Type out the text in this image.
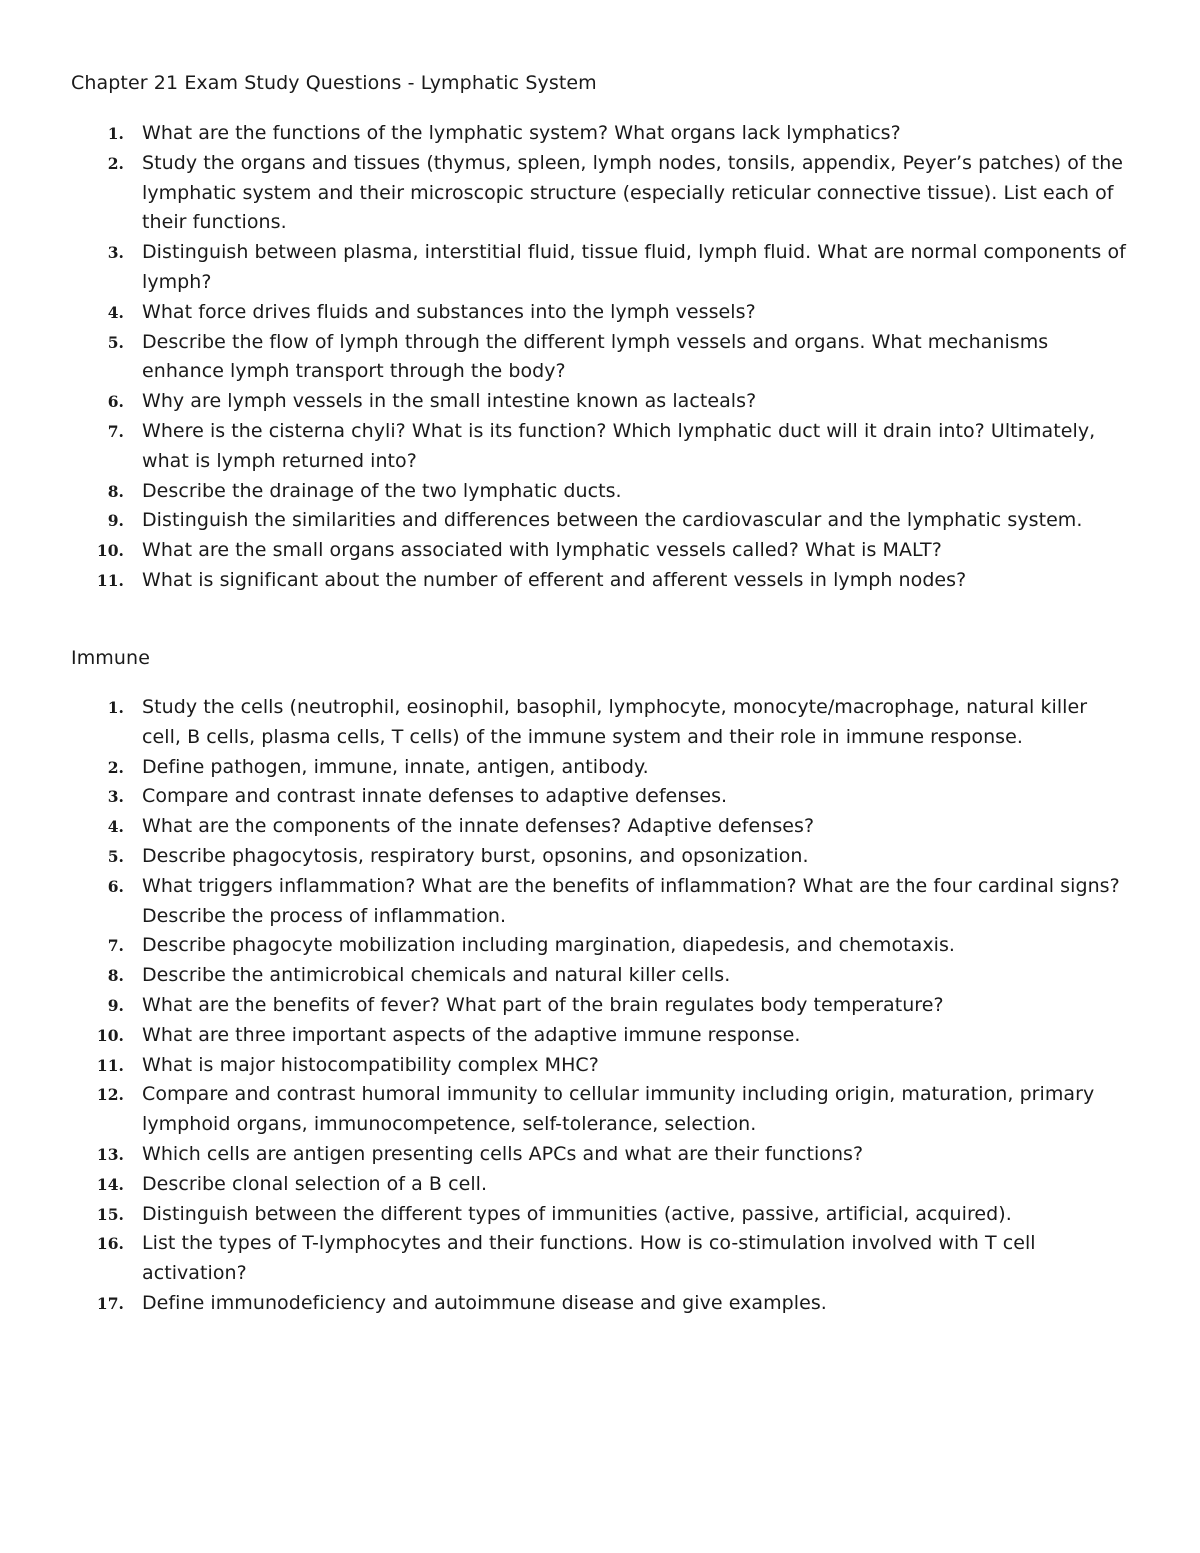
Chapter 21 Exam Study Questions - Lymphatic System
1. What are the functions of the lymphatic system? What organs lack lymphatics?
2. Study the organs and tissues (thymus, spleen, lymph nodes, tonsils, appendix, Peyer’s patches) of the lymphatic system and their microscopic structure (especially reticular connective tissue). List each of their functions.
3. Distinguish between plasma, interstitial fluid, tissue fluid, lymph fluid. What are normal components of lymph?
4. What force drives fluids and substances into the lymph vessels?
5. Describe the flow of lymph through the different lymph vessels and organs. What mechanisms enhance lymph transport through the body?
6. Why are lymph vessels in the small intestine known as lacteals?
7. Where is the cisterna chyli? What is its function? Which lymphatic duct will it drain into? Ultimately, what is lymph returned into?
8. Describe the drainage of the two lymphatic ducts.
9. Distinguish the similarities and differences between the cardiovascular and the lymphatic system.
10. What are the small organs associated with lymphatic vessels called? What is MALT?
11. What is significant about the number of efferent and afferent vessels in lymph nodes?
Immune
1. Study the cells (neutrophil, eosinophil, basophil, lymphocyte, monocyte/macrophage, natural killer cell, B cells, plasma cells, T cells) of the immune system and their role in immune response.
2. Define pathogen, immune, innate, antigen, antibody.
3. Compare and contrast innate defenses to adaptive defenses.
4. What are the components of the innate defenses? Adaptive defenses?
5. Describe phagocytosis, respiratory burst, opsonins, and opsonization.
6. What triggers inflammation? What are the benefits of inflammation? What are the four cardinal signs? Describe the process of inflammation.
7. Describe phagocyte mobilization including margination, diapedesis, and chemotaxis.
8. Describe the antimicrobical chemicals and natural killer cells.
9. What are the benefits of fever? What part of the brain regulates body temperature?
10. What are three important aspects of the adaptive immune response.
11. What is major histocompatibility complex MHC?
12. Compare and contrast humoral immunity to cellular immunity including origin, maturation, primary lymphoid organs, immunocompetence, self-tolerance, selection.
13. Which cells are antigen presenting cells APCs and what are their functions?
14. Describe clonal selection of a B cell.
15. Distinguish between the different types of immunities (active, passive, artificial, acquired).
16. List the types of T-lymphocytes and their functions. How is co-stimulation involved with T cell activation?
17. Define immunodeficiency and autoimmune disease and give examples.
